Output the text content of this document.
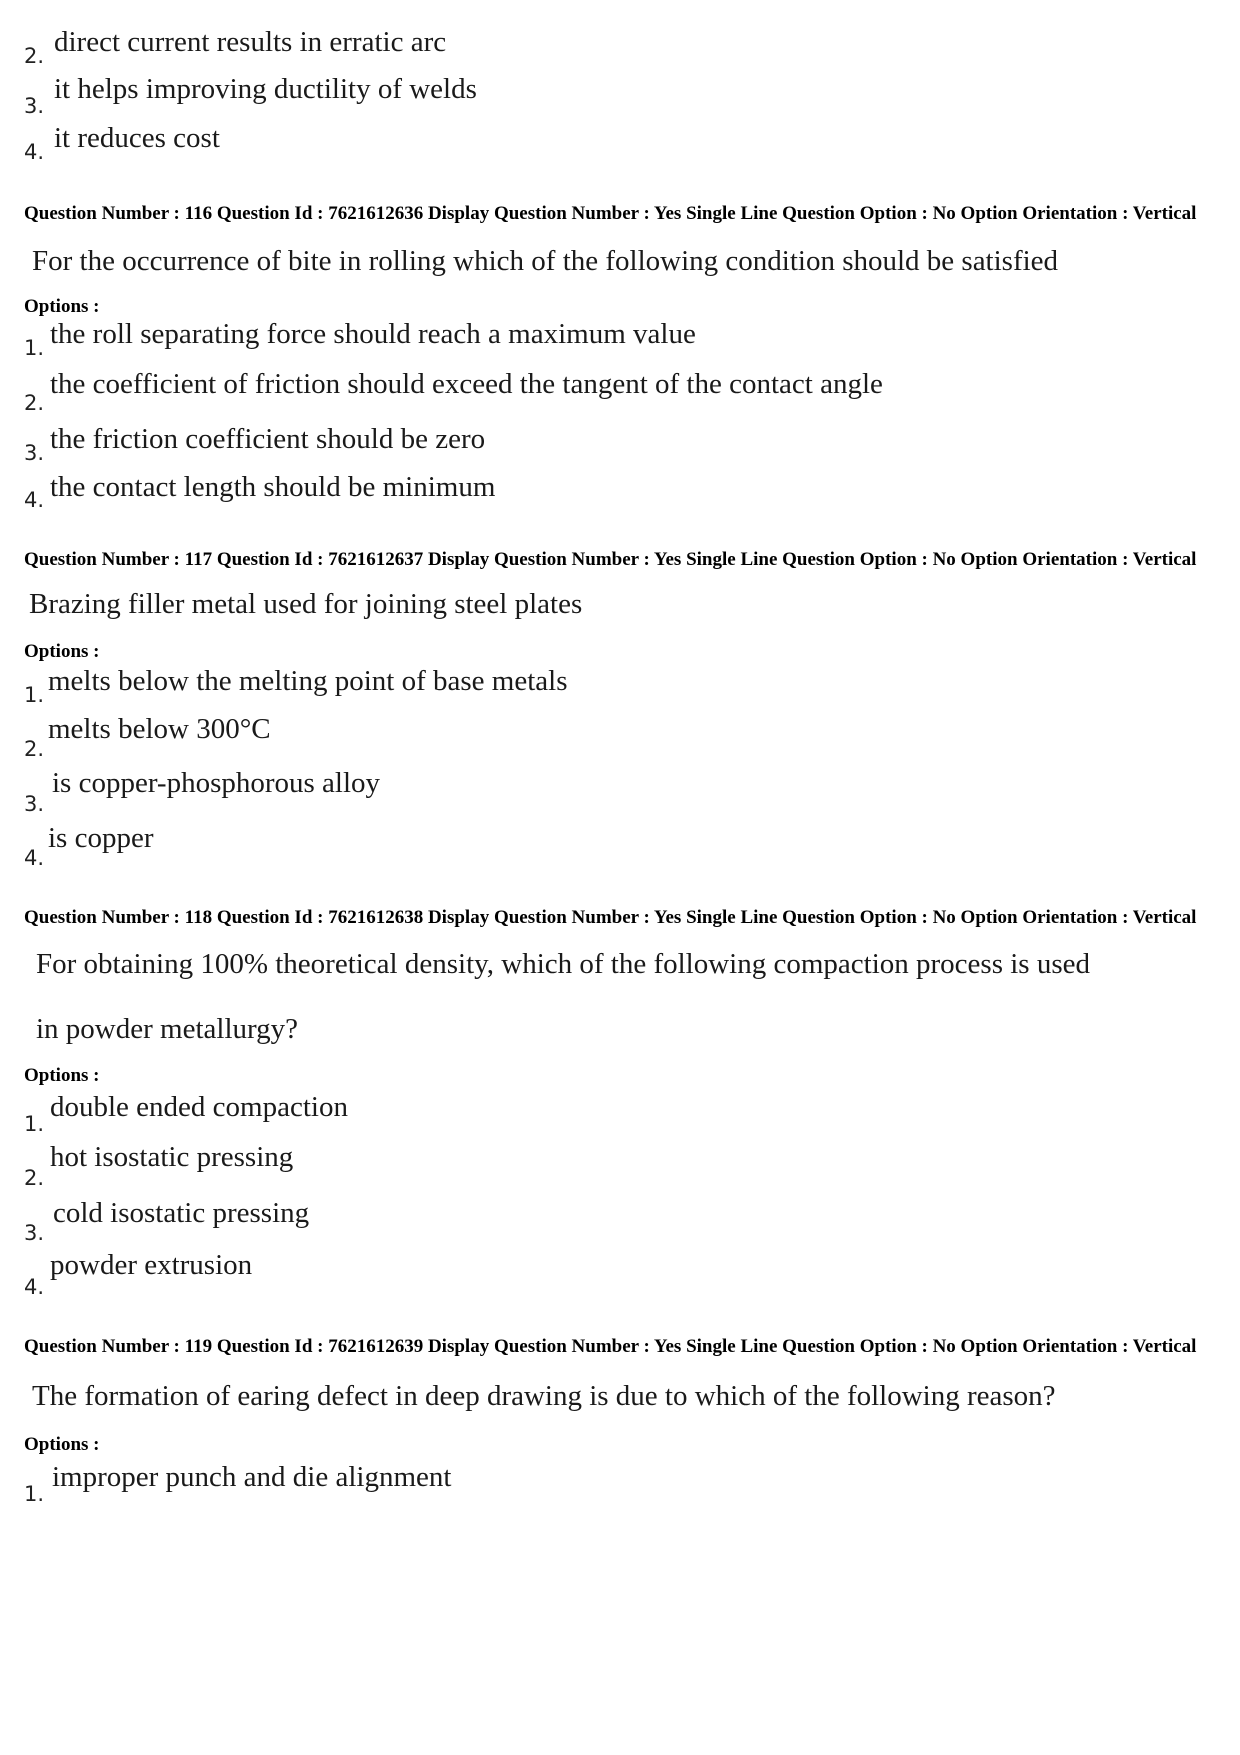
2. direct current results in erratic arc
3.
it helps improving ductility of welds
4. it reduces cost
Question Number : 116 Question Id : 7621612636 Display Question Number : Yes Single Line Question Option : No Option Orientation : Vertical
For the occurrence of bite in rolling which of the following condition should be satisfied
Options :
1. the roll separating force should reach a maximum value
2.
the coefficient of friction should exceed the tangent of the contact angle
3. the friction coefficient should be zero
4. the contact length should be minimum
Question Number : 117 Question Id : 7621612637 Display Question Number : Yes Single Line Question Option : No Option Orientation : Vertical
Brazing filler metal used for joining steel plates
Options :
1. melts below the melting point of base metals
2.
melts below 300°C
3.
is copper-phosphorous alloy
4.
is copper
Question Number : 118 Question Id : 7621612638 Display Question Number : Yes Single Line Question Option : No Option Orientation : Vertical
For obtaining 100% theoretical density, which of the following compaction process is used
in powder metallurgy?
Options :
1.
double ended compaction
2.
hot isostatic pressing
3.
cold isostatic pressing
4.
powder extrusion
Question Number : 119 Question Id : 7621612639 Display Question Number : Yes Single Line Question Option : No Option Orientation : Vertical
The formation of earing defect in deep drawing is due to which of the following reason?
Options :
1.
improper punch and die alignment
